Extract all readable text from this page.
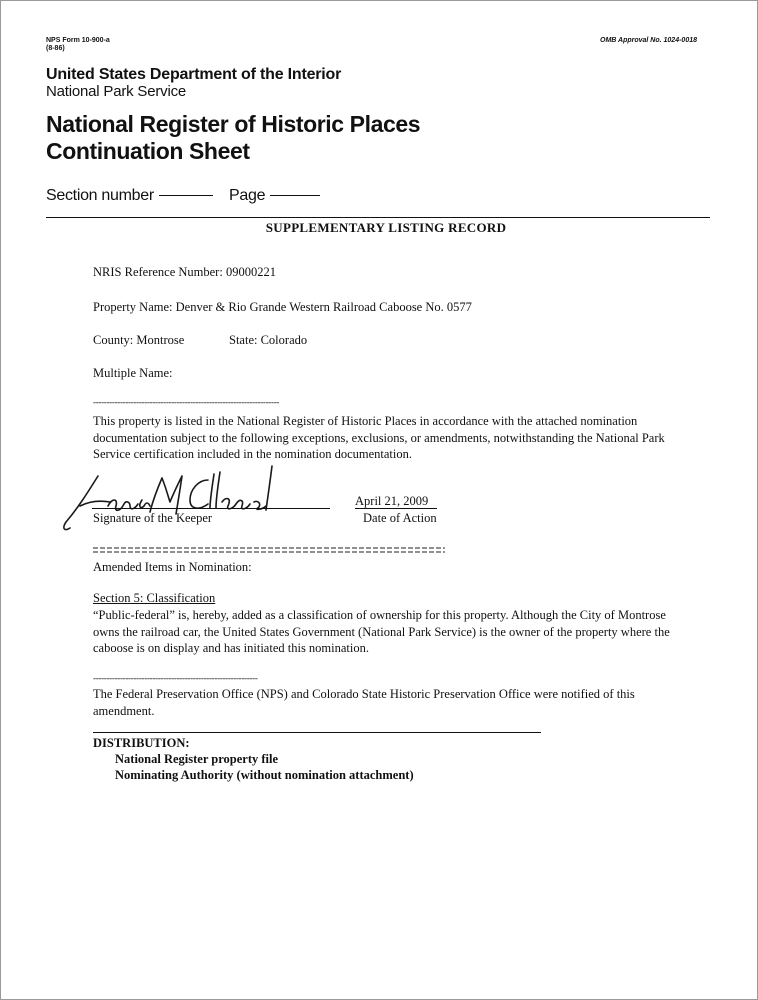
NPS Form 10-900-a
(8-86)
OMB Approval No. 1024-0018
United States Department of the Interior
National Park Service
National Register of Historic Places
Continuation Sheet
Section number	Page
SUPPLEMENTARY LISTING RECORD
NRIS Reference Number: 09000221
Property Name: Denver & Rio Grande Western Railroad Caboose No. 0577
County: Montrose	State: Colorado
Multiple Name:
---------------------------------------------------------------------
This property is listed in the National Register of Historic Places in accordance with the attached nomination documentation subject to the following exceptions, exclusions, or amendments, notwithstanding the National Park Service certification included in the nomination documentation.
April 21, 2009
Signature of the Keeper	Date of Action
Amended Items in Nomination:
Section 5: Classification
“Public-federal” is, hereby, added as a classification of ownership for this property. Although the City of Montrose owns the railroad car, the United States Government (National Park Service) is the owner of the property where the caboose is on display and has initiated this nomination.
-------------------------------------------------------------
The Federal Preservation Office (NPS) and Colorado State Historic Preservation Office were notified of this amendment.
DISTRIBUTION:
National Register property file
Nominating Authority (without nomination attachment)
